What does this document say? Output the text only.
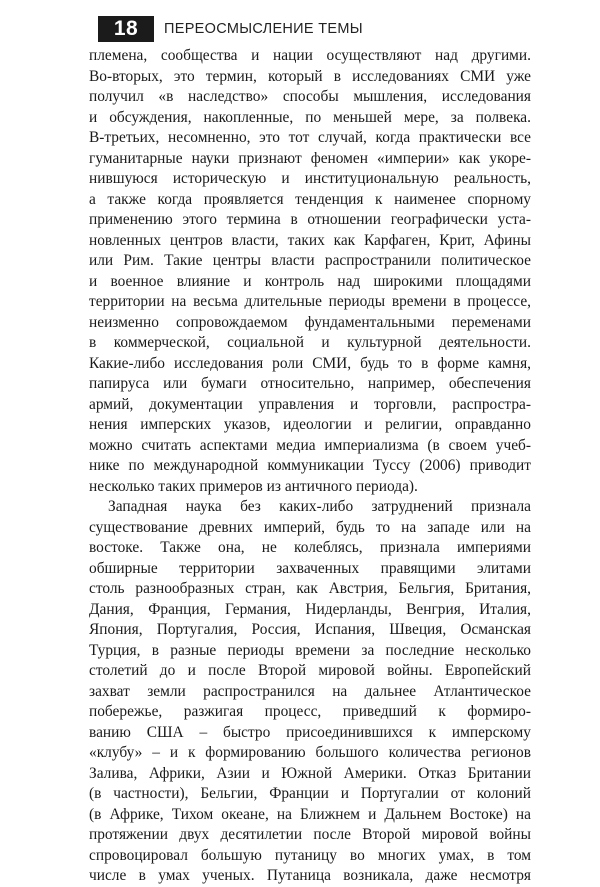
18	ПЕРЕОСМЫСЛЕНИЕ ТЕМЫ
племена, сообщества и нации осуществляют над другими.
Во-вторых, это термин, который в исследованиях СМИ уже
получил «в наследство» способы мышления, исследования
и обсуждения, накопленные, по меньшей мере, за полвека.
В-третьих, несомненно, это тот случай, когда практически все
гуманитарные науки признают феномен «империи» как укоре-
нившуюся историческую и институциональную реальность,
а также когда проявляется тенденция к наименее спорному
применению этого термина в отношении географически уста-
новленных центров власти, таких как Карфаген, Крит, Афины
или Рим. Такие центры власти распространили политическое
и военное влияние и контроль над широкими площадями
территории на весьма длительные периоды времени в процессе,
неизменно сопровождаемом фундаментальными переменами
в коммерческой, социальной и культурной деятельности.
Какие-либо исследования роли СМИ, будь то в форме камня,
папируса или бумаги относительно, например, обеспечения
армий, документации управления и торговли, распростра-
нения имперских указов, идеологии и религии, оправданно
можно считать аспектами медиа империализма (в своем учеб-
нике по международной коммуникации Туссу (2006) приводит
несколько таких примеров из античного периода).
Западная наука без каких-либо затруднений признала
существование древних империй, будь то на западе или на
востоке. Также она, не колеблясь, признала империями
обширные территории захваченных правящими элитами
столь разнообразных стран, как Австрия, Бельгия, Британия,
Дания, Франция, Германия, Нидерланды, Венгрия, Италия,
Япония, Португалия, Россия, Испания, Швеция, Османская
Турция, в разные периоды времени за последние несколько
столетий до и после Второй мировой войны. Европейский
захват земли распространился на дальнее Атлантическое
побережье, разжигая процесс, приведший к формиро-
ванию США – быстро присоединившихся к имперскому
«клубу» – и к формированию большого количества регионов
Залива, Африки, Азии и Южной Америки. Отказ Британии
(в частности), Бельгии, Франции и Португалии от колоний
(в Африке, Тихом океане, на Ближнем и Дальнем Востоке) на
протяжении двух десятилетии после Второй мировой войны
спровоцировал большую путаницу во многих умах, в том
числе в умах ученых. Путаница возникала, даже несмотря
